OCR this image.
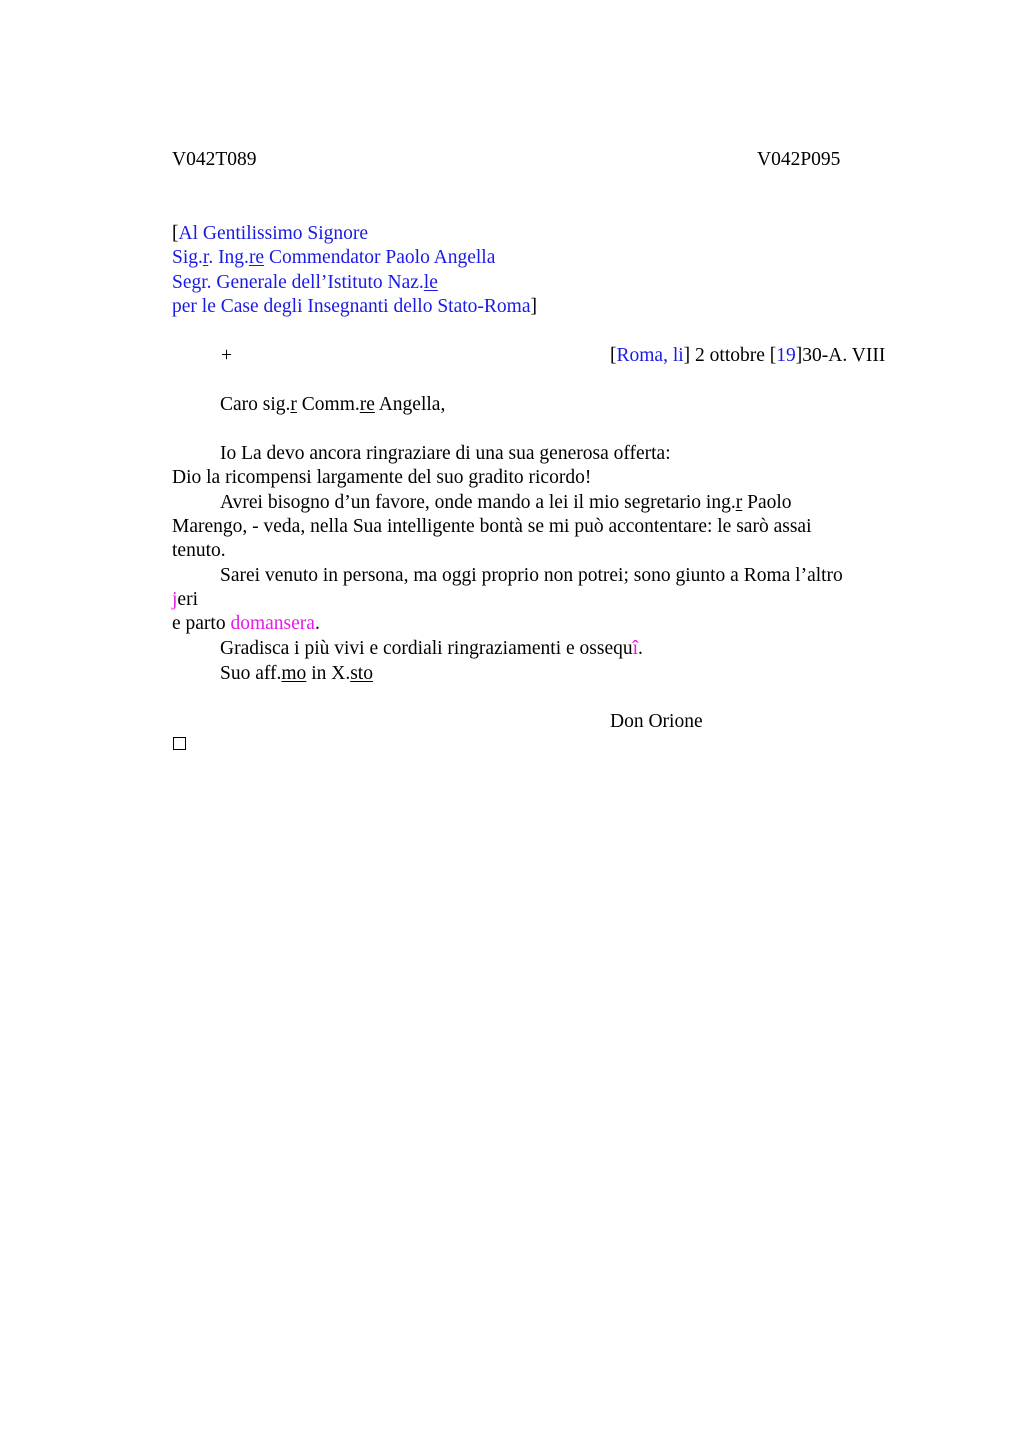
V042T089	V042P095
[Al Gentilissimo Signore
Sig.r. Ing.re Commendator Paolo Angella
Segr. Generale dell’Istituto Naz.le
per le Case degli Insegnanti dello Stato-Roma]
+	[Roma, li] 2 ottobre [19]30-A. VIII
Caro sig.r Comm.re Angella,
Io La devo ancora ringraziare di una sua generosa offerta:
Dio la ricompensi largamente del suo gradito ricordo!
Avrei bisogno d’un favore, onde mando a lei il mio segretario ing.r Paolo
Marengo, - veda, nella Sua intelligente bontà se mi può accontentare: le sarò assai
tenuto.
Sarei venuto in persona, ma oggi proprio non potrei; sono giunto a Roma l’altro
jeri
e parto domansera.
Gradisca i più vivi e cordiali ringraziamenti e ossequî.
Suo aff.mo in X.sto
Don Orione
